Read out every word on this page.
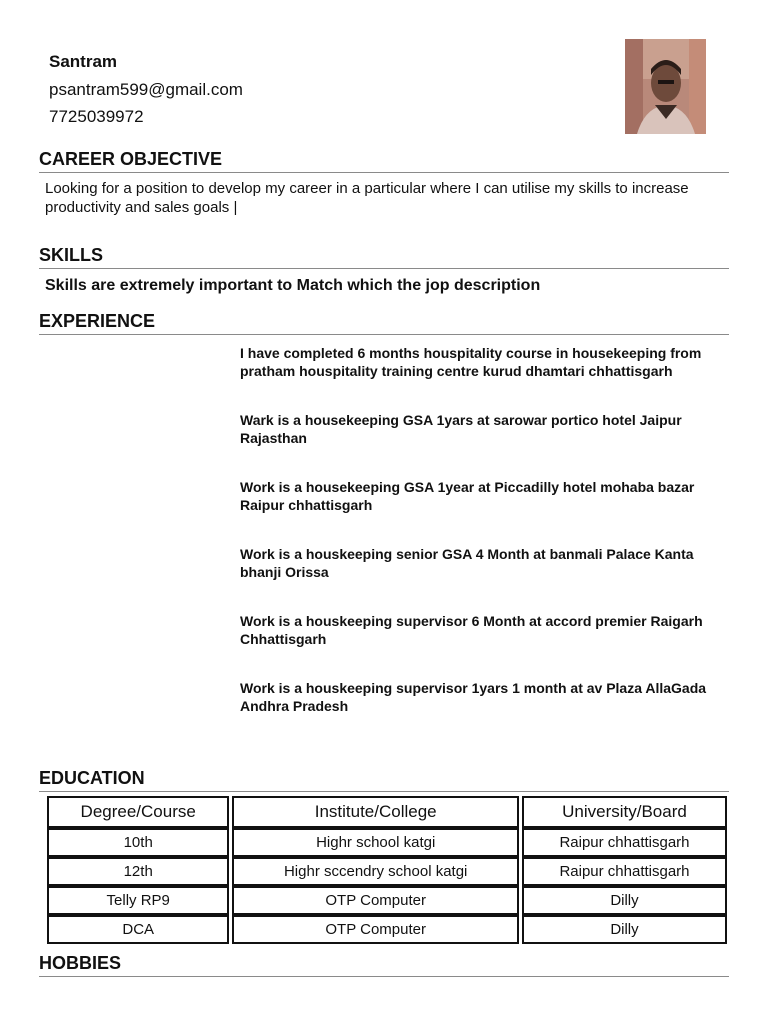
Santram
psantram599@gmail.com
7725039972
CAREER OBJECTIVE
Looking for a position to develop my career in a particular where I can utilise my skills to increase productivity and sales goals |
SKILLS
Skills are extremely important to Match which the jop description
EXPERIENCE
I have completed 6 months houspitality course in housekeeping from pratham houspitality training centre kurud dhamtari chhattisgarh
Wark is a housekeeping GSA 1yars at sarowar portico hotel Jaipur Rajasthan
Work is a housekeeping GSA 1year at Piccadilly hotel mohaba bazar Raipur chhattisgarh
Work is a houskeeping senior GSA 4 Month at banmali Palace Kanta bhanji Orissa
Work is a houskeeping supervisor 6 Month at accord premier Raigarh Chhattisgarh
Work is a houskeeping supervisor 1yars 1 month at av Plaza AllaGada Andhra Pradesh
EDUCATION
Degree/Course	Institute/College	University/Board
10th	Highr school katgi	Raipur chhattisgarh
12th	Highr sccendry school katgi	Raipur chhattisgarh
Telly RP9	OTP Computer	Dilly
DCA	OTP Computer	Dilly
HOBBIES
